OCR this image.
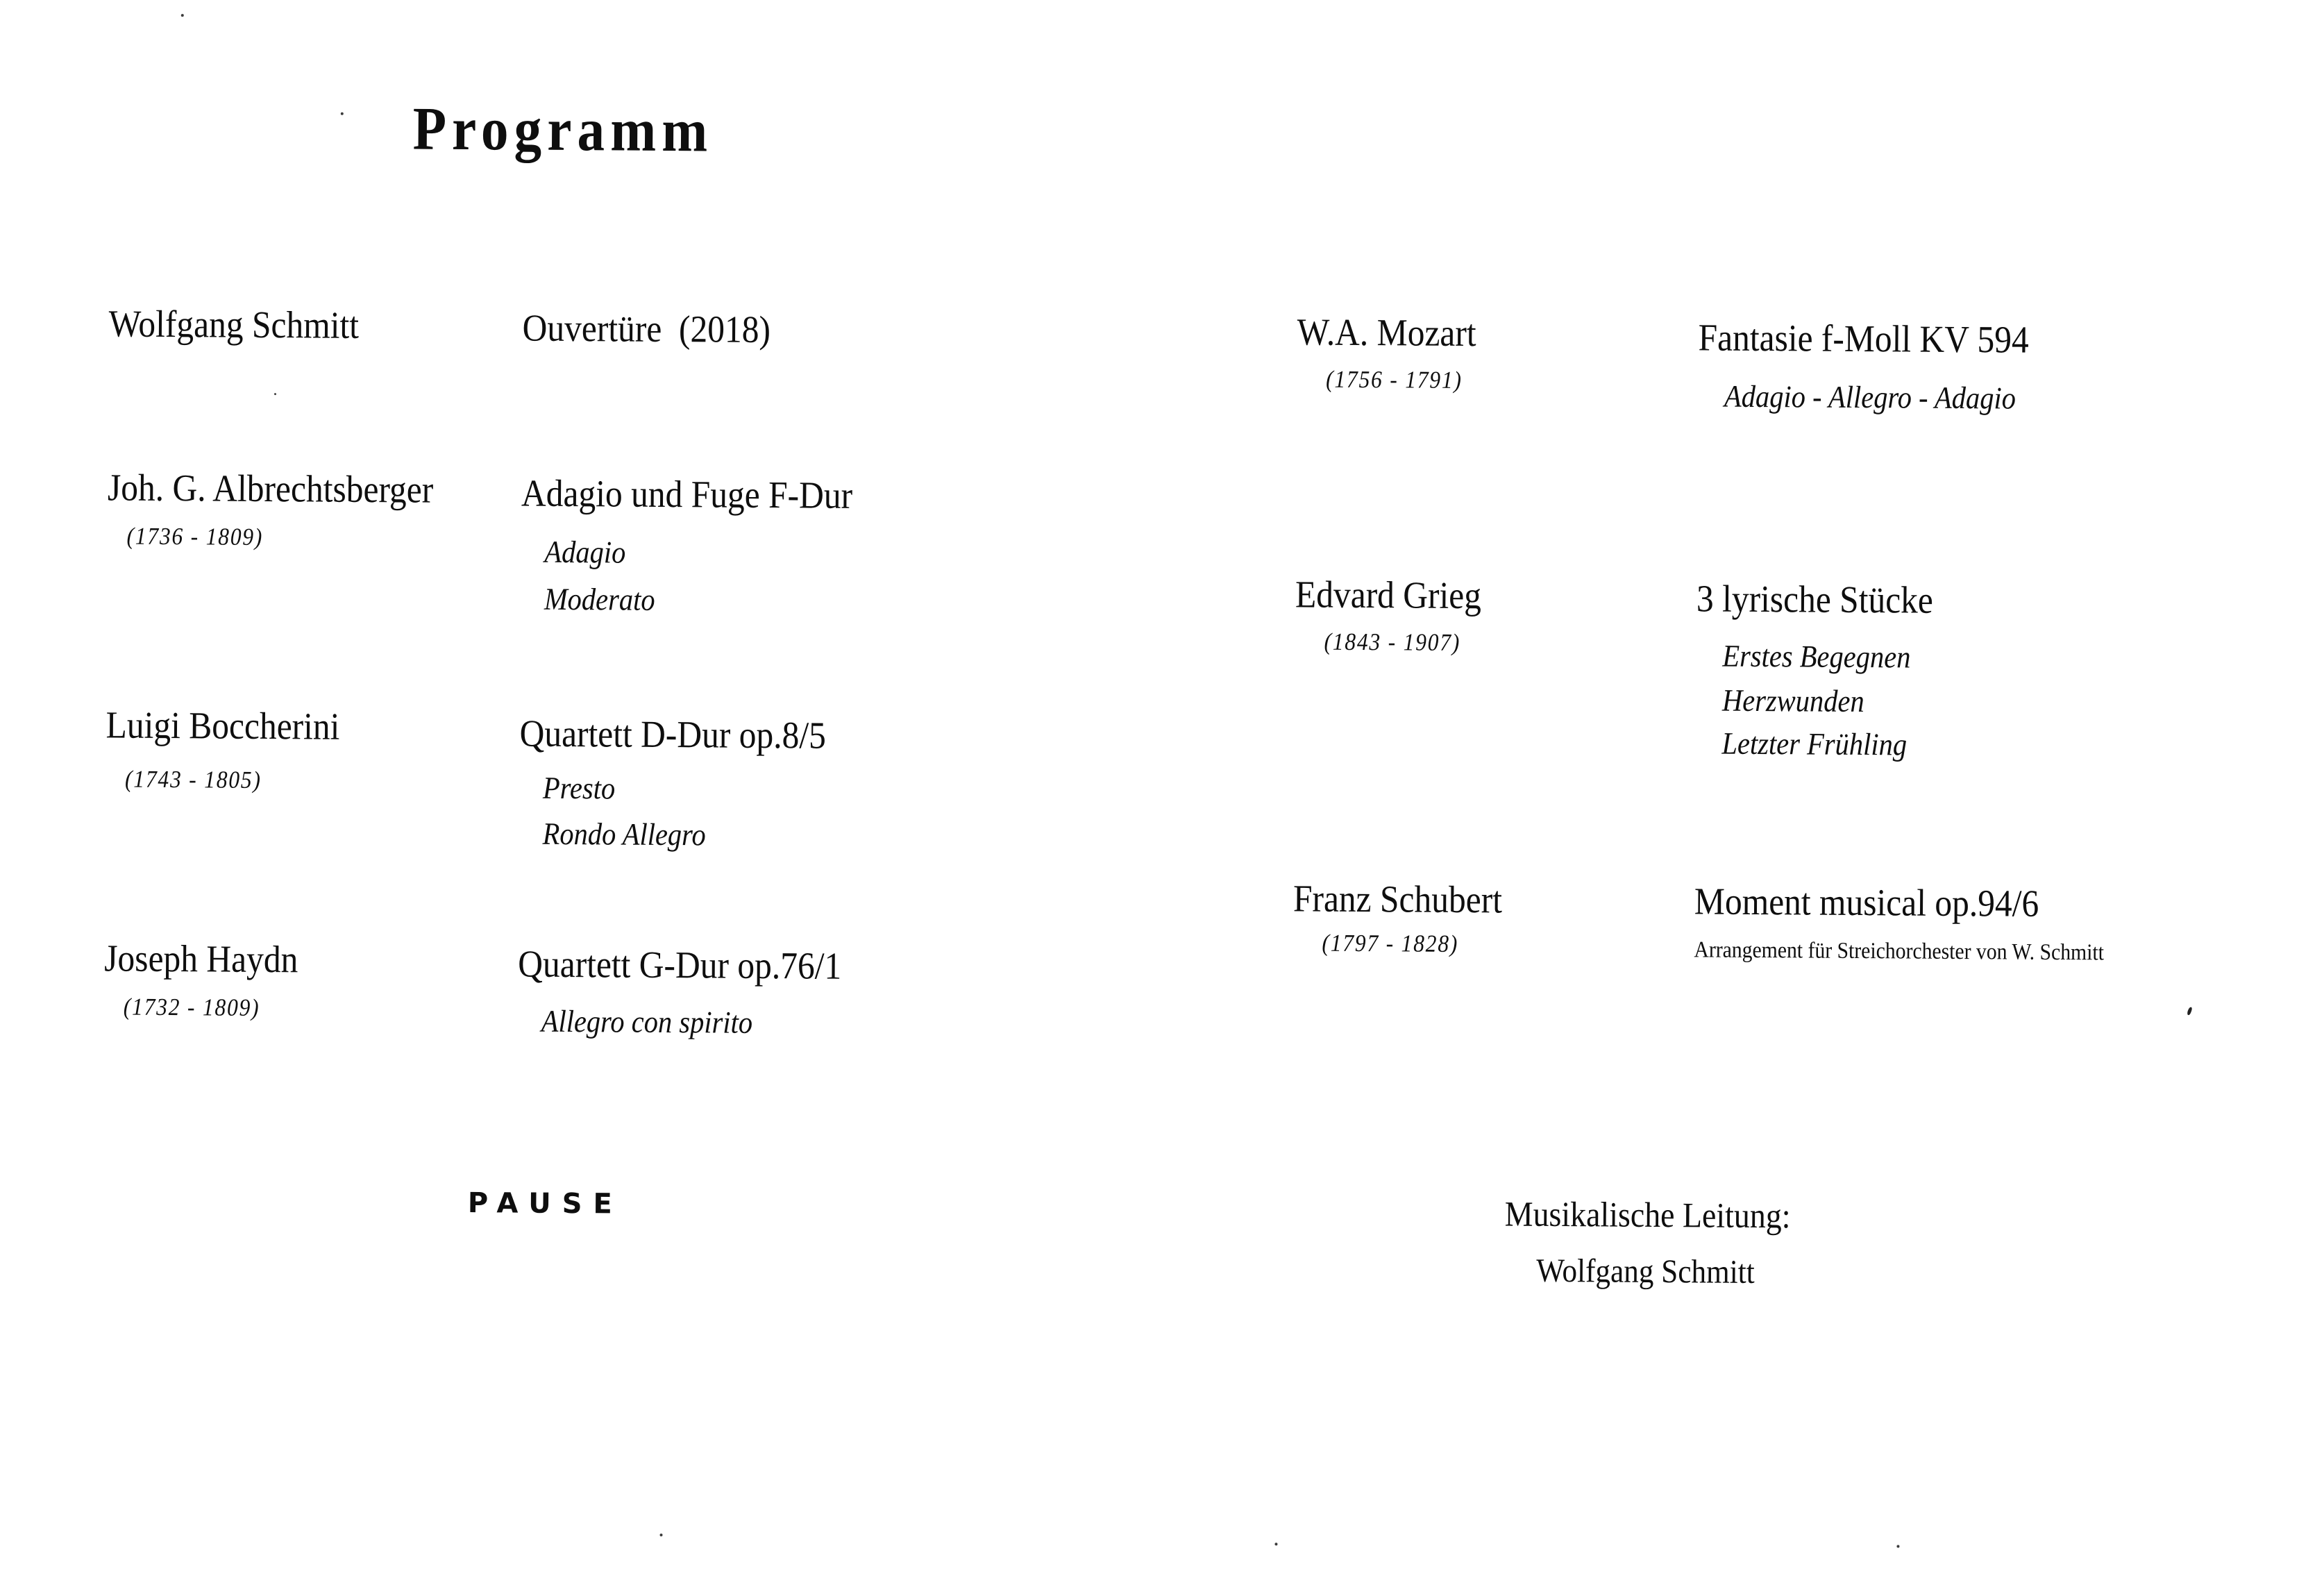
Programm
Wolfgang Schmitt	Ouvertüre  (2018)
Joh. G. Albrechtsberger
(1736 - 1809)
Adagio und Fuge F-Dur
Adagio
Moderato
Luigi Boccherini
(1743 - 1805)
Quartett D-Dur op.8/5
Presto
Rondo Allegro
Joseph Haydn
(1732 - 1809)
Quartett G-Dur op.76/1
Allegro con spirito
PAUSE
W.A. Mozart
(1756 - 1791)
Fantasie f-Moll KV 594
Adagio - Allegro - Adagio
Edvard Grieg
(1843 - 1907)
3 lyrische Stücke
Erstes Begegnen
Herzwunden
Letzter Frühling
Franz Schubert
(1797 - 1828)
Moment musical op.94/6
Arrangement für Streichorchester von W. Schmitt
Musikalische Leitung:
Wolfgang Schmitt
